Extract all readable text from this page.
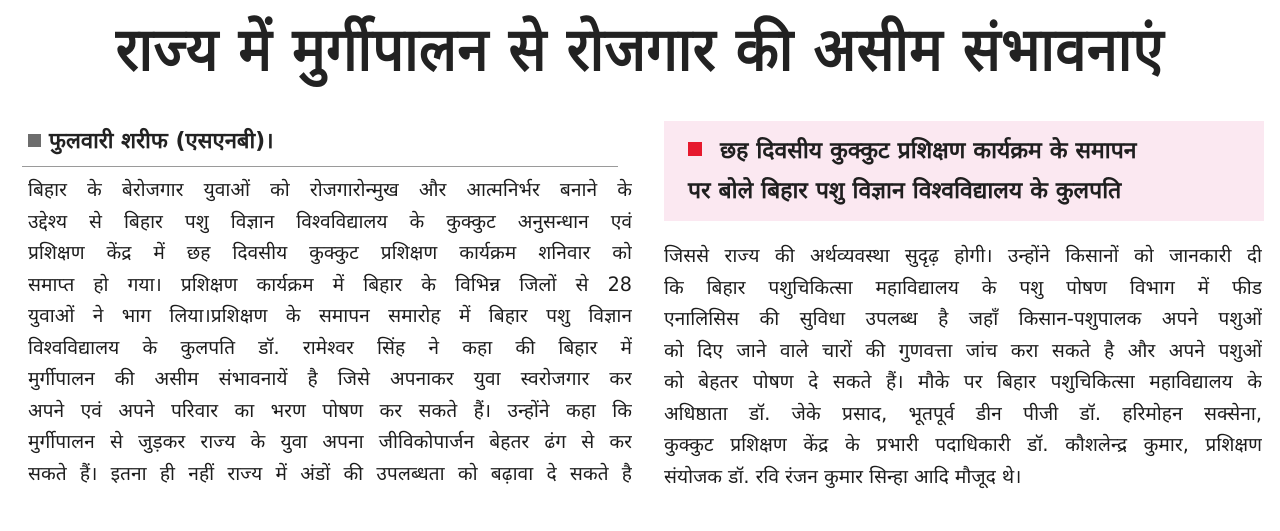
राज्य में मुर्गीपालन से रोजगार की असीम संभावनाएं
फुलवारी शरीफ (एसएनबी)।
बिहार के बेरोजगार युवाओं को रोजगारोन्मुख और आत्मनिर्भर बनाने के
उद्देश्य से बिहार पशु विज्ञान विश्वविद्यालय के कुक्कुट अनुसन्धान एवं
प्रशिक्षण केंद्र में छह दिवसीय कुक्कुट प्रशिक्षण कार्यक्रम शनिवार को
समाप्त हो गया। प्रशिक्षण कार्यक्रम में बिहार के विभिन्न जिलों से 28
युवाओं ने भाग लिया।प्रशिक्षण के समापन समारोह में बिहार पशु विज्ञान
विश्वविद्यालय के कुलपति डॉ. रामेश्वर सिंह ने कहा की बिहार में
मुर्गीपालन की असीम संभावनायें है जिसे अपनाकर युवा स्वरोजगार कर
अपने एवं अपने परिवार का भरण पोषण कर सकते हैं। उन्होंने कहा कि
मुर्गीपालन से जुड़कर राज्य के युवा अपना जीविकोपार्जन बेहतर ढंग से कर
सकते हैं। इतना ही नहीं राज्य में अंडों की उपलब्धता को बढ़ावा दे सकते है
छह दिवसीय कुक्कुट प्रशिक्षण कार्यक्रम के समापन
पर बोले बिहार पशु विज्ञान विश्वविद्यालय के कुलपति
जिससे राज्य की अर्थव्यवस्था सुदृढ़ होगी। उन्होंने किसानों को जानकारी दी
कि बिहार पशुचिकित्सा महाविद्यालय के पशु पोषण विभाग में फीड
एनालिसिस की सुविधा उपलब्ध है जहाँ किसान-पशुपालक अपने पशुओं
को दिए जाने वाले चारों की गुणवत्ता जांच करा सकते है और अपने पशुओं
को बेहतर पोषण दे सकते हैं। मौके पर बिहार पशुचिकित्सा महाविद्यालय के
अधिष्ठाता डॉ. जेके प्रसाद, भूतपूर्व डीन पीजी डॉ. हरिमोहन सक्सेना,
कुक्कुट प्रशिक्षण केंद्र के प्रभारी पदाधिकारी डॉ. कौशलेन्द्र कुमार, प्रशिक्षण
संयोजक डॉ. रवि रंजन कुमार सिन्हा आदि मौजूद थे।
